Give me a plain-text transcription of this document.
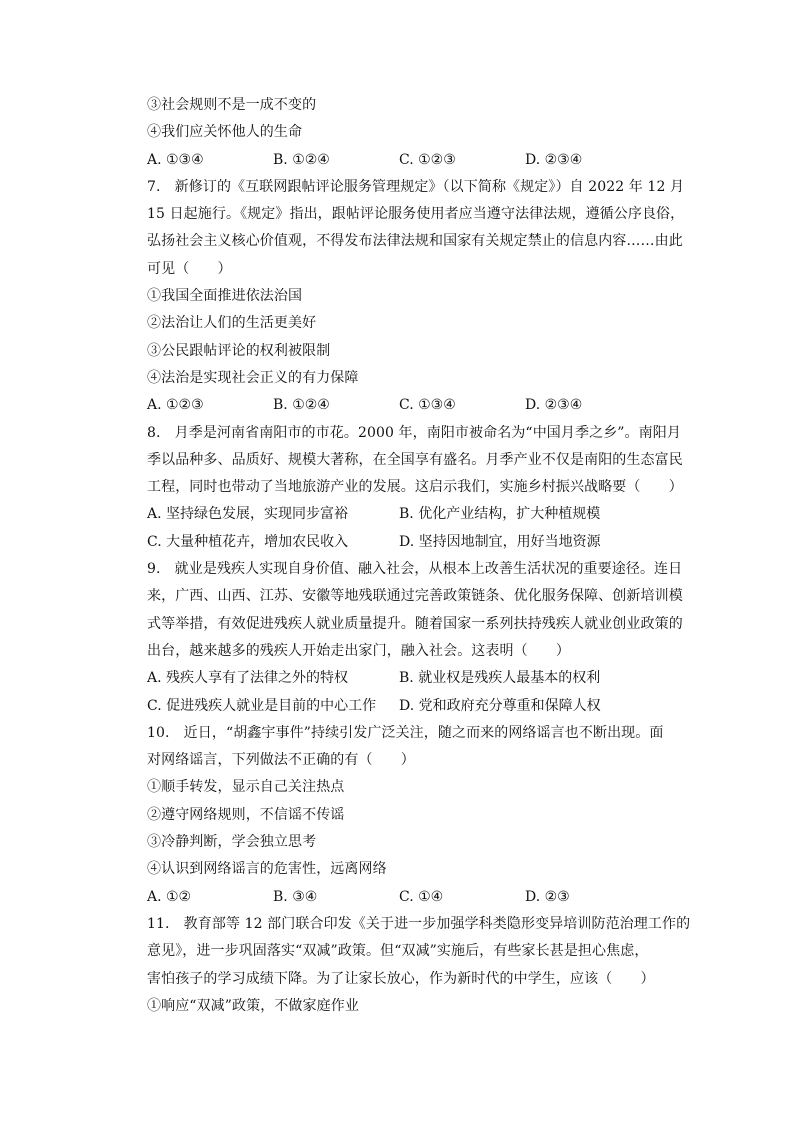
③社会规则不是一成不变的
④我们应关怀他人的生命
A. ①③④	B. ①②④	C. ①②③	D. ②③④
7.　新修订的《互联网跟帖评论服务管理规定》（以下简称《规定》）自 2022 年 12 月
15 日起施行。《规定》指出，跟帖评论服务使用者应当遵守法律法规，遵循公序良俗，
弘扬社会主义核心价值观，不得发布法律法规和国家有关规定禁止的信息内容……由此
可见（　　）
①我国全面推进依法治国
②法治让人们的生活更美好
③公民跟帖评论的权利被限制
④法治是实现社会正义的有力保障
A. ①②③	B. ①②④	C. ①③④	D. ②③④
8.　月季是河南省南阳市的市花。2000 年，南阳市被命名为“中国月季之乡”。南阳月
季以品种多、品质好、规模大著称，在全国享有盛名。月季产业不仅是南阳的生态富民
工程，同时也带动了当地旅游产业的发展。这启示我们，实施乡村振兴战略要（　　）
A. 坚持绿色发展，实现同步富裕	B. 优化产业结构，扩大种植规模
C. 大量种植花卉，增加农民收入	D. 坚持因地制宜，用好当地资源
9.　就业是残疾人实现自身价值、融入社会，从根本上改善生活状况的重要途径。连日
来，广西、山西、江苏、安徽等地残联通过完善政策链条、优化服务保障、创新培训模
式等举措，有效促进残疾人就业质量提升。随着国家一系列扶持残疾人就业创业政策的
出台，越来越多的残疾人开始走出家门，融入社会。这表明（　　）
A. 残疾人享有了法律之外的特权	B. 就业权是残疾人最基本的权利
C. 促进残疾人就业是目前的中心工作	D. 党和政府充分尊重和保障人权
10.　近日，“胡鑫宇事件”持续引发广泛关注，随之而来的网络谣言也不断出现。面
对网络谣言，下列做法不正确的有（　　）
①顺手转发，显示自己关注热点
②遵守网络规则，不信谣不传谣
③冷静判断，学会独立思考
④认识到网络谣言的危害性，远离网络
A. ①②	B. ③④	C. ①④	D. ②③
11.　教育部等 12 部门联合印发《关于进一步加强学科类隐形变异培训防范治理工作的
意见》，进一步巩固落实“双减”政策。但“双减”实施后，有些家长甚是担心焦虑，
害怕孩子的学习成绩下降。为了让家长放心，作为新时代的中学生，应该（　　）
①响应“双减”政策，不做家庭作业
